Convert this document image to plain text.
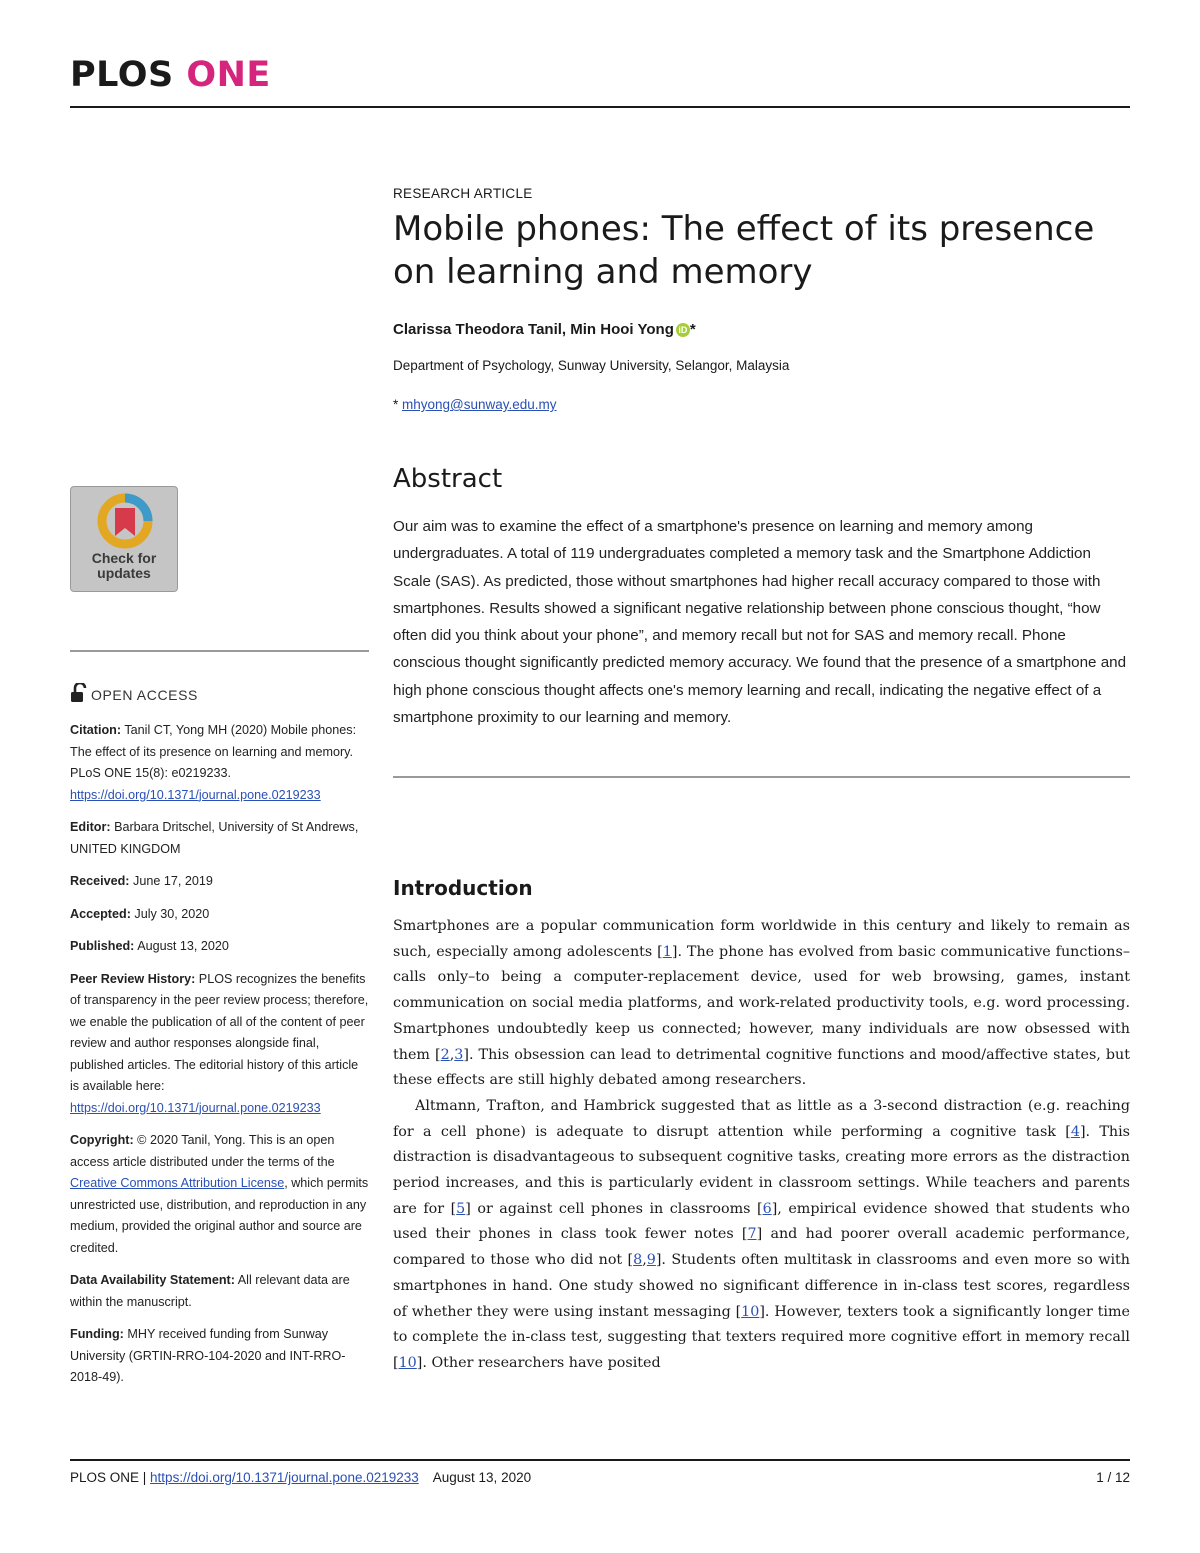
PLOS ONE
RESEARCH ARTICLE
Mobile phones: The effect of its presence on learning and memory
Clarissa Theodora Tanil, Min Hooi Yong iD *
Department of Psychology, Sunway University, Selangor, Malaysia
* mhyong@sunway.edu.my
Abstract

Our aim was to examine the effect of a smartphone's presence on learning and memory among undergraduates. A total of 119 undergraduates completed a memory task and the Smartphone Addiction Scale (SAS). As predicted, those without smartphones had higher recall accuracy compared to those with smartphones. Results showed a significant negative relationship between phone conscious thought, “how often did you think about your phone”, and memory recall but not for SAS and memory recall. Phone conscious thought significantly predicted memory accuracy. We found that the presence of a smartphone and high phone conscious thought affects one's memory learning and recall, indicating the negative effect of a smartphone proximity to our learning and memory.

Introduction

Smartphones are a popular communication form worldwide in this century and likely to remain as such, especially among adolescents [1]. The phone has evolved from basic communicative functions–calls only–to being a computer-replacement device, used for web browsing, games, instant communication on social media platforms, and work-related productivity tools, e.g. word processing. Smartphones undoubtedly keep us connected; however, many individuals are now obsessed with them [2,3]. This obsession can lead to detrimental cognitive functions and mood/affective states, but these effects are still highly debated among researchers.

Altmann, Trafton, and Hambrick suggested that as little as a 3-second distraction (e.g. reaching for a cell phone) is adequate to disrupt attention while performing a cognitive task [4]. This distraction is disadvantageous to subsequent cognitive tasks, creating more errors as the distraction period increases, and this is particularly evident in classroom settings. While teachers and parents are for [5] or against cell phones in classrooms [6], empirical evidence showed that students who used their phones in class took fewer notes [7] and had poorer overall academic performance, compared to those who did not [8,9]. Students often multitask in classrooms and even more so with smartphones in hand. One study showed no significant difference in in-class test scores, regardless of whether they were using instant messaging [10]. However, texters took a significantly longer time to complete the in-class test, suggesting that texters required more cognitive effort in memory recall [10]. Other researchers have posited

Check for
updates
OPEN ACCESS

Citation: Tanil CT, Yong MH (2020) Mobile phones: The effect of its presence on learning and memory. PLoS ONE 15(8): e0219233. https://doi.org/10.1371/journal.pone.0219233

Editor: Barbara Dritschel, University of St Andrews, UNITED KINGDOM

Received: June 17, 2019

Accepted: July 30, 2020

Published: August 13, 2020

Peer Review History: PLOS recognizes the benefits of transparency in the peer review process; therefore, we enable the publication of all of the content of peer review and author responses alongside final, published articles. The editorial history of this article is available here: https://doi.org/10.1371/journal.pone.0219233

Copyright: © 2020 Tanil, Yong. This is an open access article distributed under the terms of the Creative Commons Attribution License, which permits unrestricted use, distribution, and reproduction in any medium, provided the original author and source are credited.

Data Availability Statement: All relevant data are within the manuscript.

Funding: MHY received funding from Sunway University (GRTIN-RRO-104-2020 and INT-RRO-2018-49).

PLOS ONE | https://doi.org/10.1371/journal.pone.0219233 August 13, 2020	1 / 12
